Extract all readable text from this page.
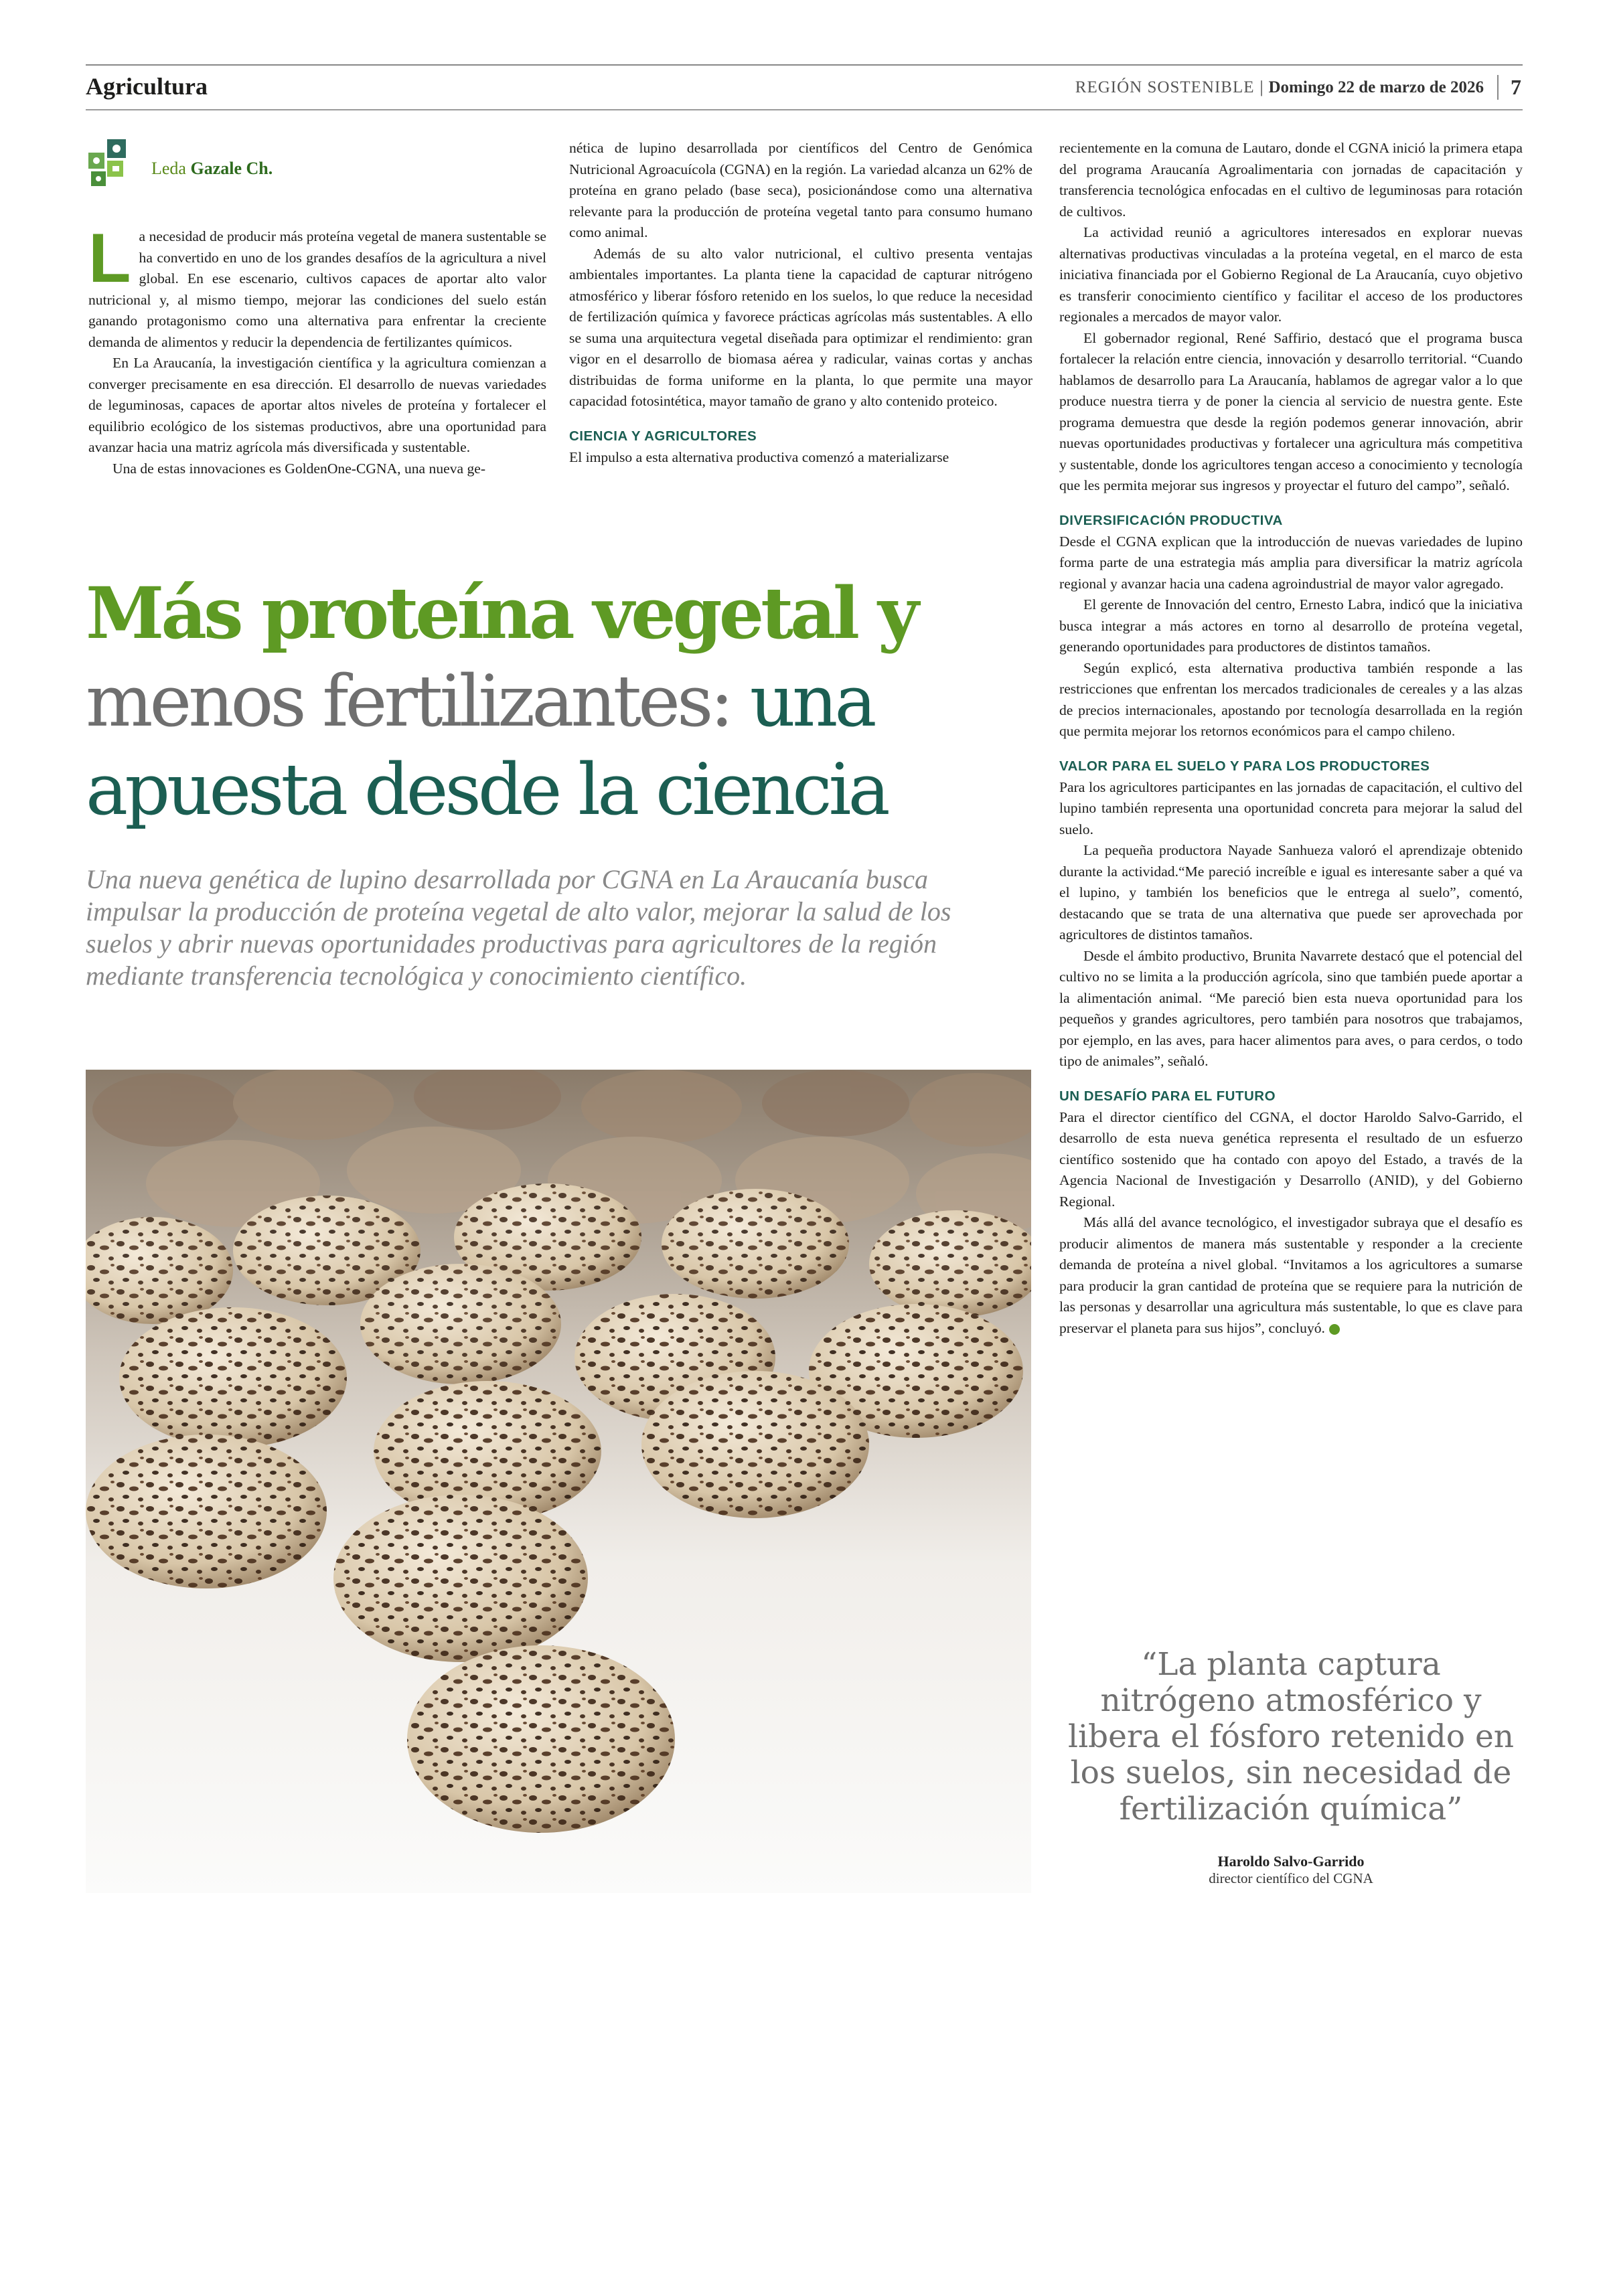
Agricultura	REGIÓN SOSTENIBLE | Domingo 22 de marzo de 2026	7
Leda Gazale Ch.
L a necesidad de producir más proteína vegetal de manera sustentable se ha convertido en uno de los grandes desafíos de la agricultura a nivel global. En ese escenario, cultivos capaces de aportar alto valor nutricional y, al mismo tiempo, mejorar las condiciones del suelo están ganando protagonismo como una alternativa para enfrentar la creciente demanda de alimentos y reducir la dependencia de fertilizantes químicos.

En La Araucanía, la investigación científica y la agricultura comienzan a converger precisamente en esa dirección. El desarrollo de nuevas variedades de leguminosas, capaces de aportar altos niveles de proteína y fortalecer el equilibrio ecológico de los sistemas productivos, abre una oportunidad para avanzar hacia una matriz agrícola más diversificada y sustentable.

Una de estas innovaciones es GoldenOne-CGNA, una nueva ge-

nética de lupino desarrollada por científicos del Centro de Genómica Nutricional Agroacuícola (CGNA) en la región. La variedad alcanza un 62% de proteína en grano pelado (base seca), posicionándose como una alternativa relevante para la producción de proteína vegetal tanto para consumo humano como animal.

Además de su alto valor nutricional, el cultivo presenta ventajas ambientales importantes. La planta tiene la capacidad de capturar nitrógeno atmosférico y liberar fósforo retenido en los suelos, lo que reduce la necesidad de fertilización química y favorece prácticas agrícolas más sustentables. A ello se suma una arquitectura vegetal diseñada para optimizar el rendimiento: gran vigor en el desarrollo de biomasa aérea y radicular, vainas cortas y anchas distribuidas de forma uniforme en la planta, lo que permite una mayor capacidad fotosintética, mayor tamaño de grano y alto contenido proteico.

CIENCIA Y AGRICULTORES

El impulso a esta alternativa productiva comenzó a materializarse

recientemente en la comuna de Lautaro, donde el CGNA inició la primera etapa del programa Araucanía Agroalimentaria con jornadas de capacitación y transferencia tecnológica enfocadas en el cultivo de leguminosas para rotación de cultivos.

La actividad reunió a agricultores interesados en explorar nuevas alternativas productivas vinculadas a la proteína vegetal, en el marco de esta iniciativa financiada por el Gobierno Regional de La Araucanía, cuyo objetivo es transferir conocimiento científico y facilitar el acceso de los productores regionales a mercados de mayor valor.

El gobernador regional, René Saffirio, destacó que el programa busca fortalecer la relación entre ciencia, innovación y desarrollo territorial. “Cuando hablamos de desarrollo para La Araucanía, hablamos de agregar valor a lo que produce nuestra tierra y de poner la ciencia al servicio de nuestra gente. Este programa demuestra que desde la región podemos generar innovación, abrir nuevas oportunidades productivas y fortalecer una agricultura más competitiva y sustentable, donde los agricultores tengan acceso a conocimiento y tecnología que les permita mejorar sus ingresos y proyectar el futuro del campo”, señaló.

DIVERSIFICACIÓN PRODUCTIVA

Desde el CGNA explican que la introducción de nuevas variedades de lupino forma parte de una estrategia más amplia para diversificar la matriz agrícola regional y avanzar hacia una cadena agroindustrial de mayor valor agregado.

El gerente de Innovación del centro, Ernesto Labra, indicó que la iniciativa busca integrar a más actores en torno al desarrollo de proteína vegetal, generando oportunidades para productores de distintos tamaños.

Según explicó, esta alternativa productiva también responde a las restricciones que enfrentan los mercados tradicionales de cereales y a las alzas de precios internacionales, apostando por tecnología desarrollada en la región que permita mejorar los retornos económicos para el campo chileno.

VALOR PARA EL SUELO Y PARA LOS PRODUCTORES

Para los agricultores participantes en las jornadas de capacitación, el cultivo del lupino también representa una oportunidad concreta para mejorar la salud del suelo.

La pequeña productora Nayade Sanhueza valoró el aprendizaje obtenido durante la actividad.“Me pareció increíble e igual es interesante saber a qué va el lupino, y también los beneficios que le entrega al suelo”, comentó, destacando que se trata de una alternativa que puede ser aprovechada por agricultores de distintos tamaños.

Desde el ámbito productivo, Brunita Navarrete destacó que el potencial del cultivo no se limita a la producción agrícola, sino que también puede aportar a la alimentación animal. “Me pareció bien esta nueva oportunidad para los pequeños y grandes agricultores, pero también para nosotros que trabajamos, por ejemplo, en las aves, para hacer alimentos para aves, o para cerdos, o todo tipo de animales”, señaló.

UN DESAFÍO PARA EL FUTURO

Para el director científico del CGNA, el doctor Haroldo Salvo-Garrido, el desarrollo de esta nueva genética representa el resultado de un esfuerzo científico sostenido que ha contado con apoyo del Estado, a través de la Agencia Nacional de Investigación y Desarrollo (ANID), y del Gobierno Regional.

Más allá del avance tecnológico, el investigador subraya que el desafío es producir alimentos de manera más sustentable y responder a la creciente demanda de proteína a nivel global. “Invitamos a los agricultores a sumarse para producir la gran cantidad de proteína que se requiere para la nutrición de las personas y desarrollar una agricultura más sustentable, lo que es clave para preservar el planeta para sus hijos”, concluyó.

Más proteína vegetal y
menos fertilizantes: una
apuesta desde la ciencia
Una nueva genética de lupino desarrollada por CGNA en La Araucanía busca impulsar la producción de proteína vegetal de alto valor, mejorar la salud de los suelos y abrir nuevas oportunidades productivas para agricultores de la región mediante transferencia tecnológica y conocimiento científico.
“La planta captura nitrógeno atmosférico y libera el fósforo retenido en los suelos, sin necesidad de fertilización química”
Haroldo Salvo-Garrido
director científico del CGNA
